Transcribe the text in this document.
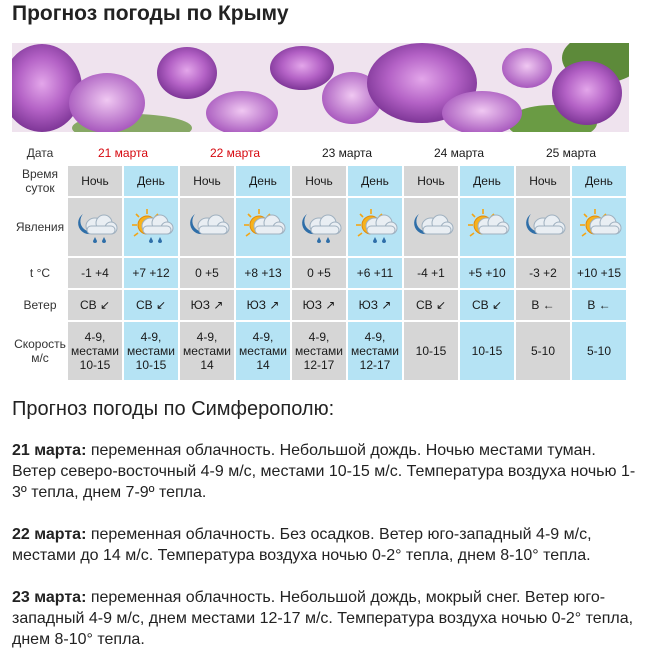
Прогноз погоды по Крыму
Дата	21 марта		22 марта		23 марта		24 марта		25 марта	
Время суток	Ночь	День	Ночь	День	Ночь	День	Ночь	День	Ночь	День
Явления										
t °C	-1 +4	+7 +12	0 +5	+8 +13	0 +5	+6 +11	-4 +1	+5 +10	-3 +2	+10 +15
Ветер	СВ ↙	СВ ↙	ЮЗ ↗	ЮЗ ↗	ЮЗ ↗	ЮЗ ↗	СВ ↙	СВ ↙	В ←	В ←
Скорость м/с	4-9, местами 10-15	4-9, местами 10-15	4-9, местами 14	4-9, местами 14	4-9, местами 12-17	4-9, местами 12-17	10-15	10-15	5-10	5-10
Прогноз погоды по Симферополю:
21 марта: переменная облачность. Небольшой дождь. Ночью местами туман. Ветер северо-восточный 4-9 м/с, местами 10-15 м/с. Температура воздуха ночью 1-3º тепла, днем 7-9º тепла.
22 марта: переменная облачность. Без осадков. Ветер юго-западный 4-9 м/с, местами до 14 м/с. Температура воздуха ночью 0-2° тепла, днем 8-10° тепла.
23 марта: переменная облачность. Небольшой дождь, мокрый снег. Ветер юго-западный 4-9 м/с, днем местами 12-17 м/с. Температура воздуха ночью 0-2° тепла, днем 8-10° тепла.
